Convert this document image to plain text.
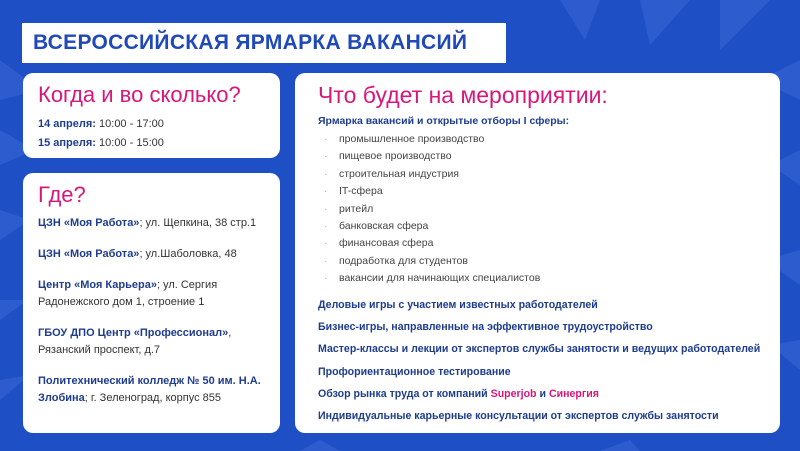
ВСЕРОССИЙСКАЯ ЯРМАРКА ВАКАНСИЙ
Когда и во сколько?
14 апреля: 10:00 - 17:00
15 апреля: 10:00 - 15:00
Где?
ЦЗН «Моя Работа»; ул. Щепкина, 38 стр.1
ЦЗН «Моя Работа»; ул.Шаболовка, 48
Центр «Моя Карьера»; ул. Сергия Радонежского дом 1, строение 1
ГБОУ ДПО Центр «Профессионал», Рязанский проспект, д.7
Политехнический колледж № 50 им. Н.А. Злобина; г. Зеленоград, корпус 855
Что будет на мероприятии:
Ярмарка вакансий и открытые отборы I сферы:
· промышленное производство
· пищевое производство
· строительная индустрия
· IT-сфера
· ритейл
· банковская сфера
· финансовая сфера
· подработка для студентов
· вакансии для начинающих специалистов
Деловые игры с участием известных работодателей
Бизнес-игры, направленные на эффективное трудоустройство
Мастер-классы и лекции от экспертов службы занятости и ведущих работодателей
Профориентационное тестирование
Обзор рынка труда от компаний Superjob и Синергия
Индивидуальные карьерные консультации от экспертов службы занятости
